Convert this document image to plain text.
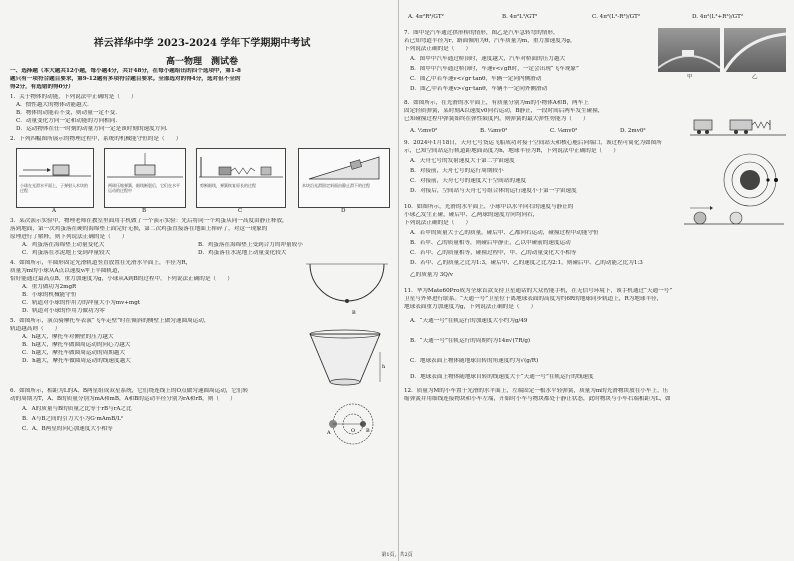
祥云祥华中学 2023-2024 学年下学期期中考试
高一物理　测试卷
一、选择题（本大题共12小题，每小题4分，共计48分，在每小题给出的四个选项中，第1-8
题只有一项符合题目要求，第9-12题有多项符合题目要求。全部选对的得4分，选对但不全的
得2分，有选错的得0分）
1．关于物体的动能，下列说法中正确的是（　　）
A．惯性越大的物体动能越大．
B．物体的动能若不变，则动量一定不变．
C．动量变化方向一定和动能的方向相同．
D．运动物体在任一时刻的动量方向一定是该时刻的速度方向．
2．下列四幅图所展示的物理过程中，系统的机械能守恒的是（　　）
小球在光滑水平面上，子弹射入木块的过程
两球压缩弹簧，细线断裂后，它们在水平运动的过程中
剪断细线，弹簧恢复原长的过程	木块沿光滑固定斜面由静止滑下的过程
A	B	C	D
3．某次演示实验中，物理老师在教室里面用手机做了一个演示实验：先后将同一个鸡蛋从同一高度由静止释放，
落到地面，第一次鸡蛋落在硬的海绵垫上面完好无损，第二次鸡蛋直接落在地面上摔碎了，对这一现象的
原理进行了解释，则下列说法正确的是（　　）
A．鸡蛋落在海绵垫上动量变化大	B．鸡蛋落在海绵垫上受到合力的冲量较小
C．鸡蛋落在水泥地上受到冲量较大	D．鸡蛋落在水泥地上动量变化较大
4．如图所示，半圆形固定光滑轨道竖直放置在光滑水平面上，半径为R，
质量为m的小球从A点以速度v冲上半圆轨道，
恰好能通过最高点B，重力加速度为g，小球从A到B的过程中，下列说法正确的是（　　）
A．重力做功为2mgR
B．小球的机械能守恒
C．轨道对小球的作用力的冲量大小为mv+mgt
D．轨道对小球的作用力做功为零	B
5．如图所示，演员骑摩托车表演“飞车走壁”时在倾斜的侧壁上做匀速圆周运动，
轨道越高则（　　）
A．h越大，摩托车对侧壁的压力越大
B．h越大，摩托车做圆周运动的向心力越大
C．h越大，摩托车做圆周运动的周期越大
D．h越大，摩托车做圆周运动的线速度越大
h
6．如图所示，相距为L的A、B两星组成双星系统，它们绕连线上的O点做匀速圆周运动，它们转
动的周期为T，A、B的质量分别为mA和mB，A和B的运动半径分别为rA和rB，则（　　）
A．A的质量与B的质量之比等于rB与rA之比
B．A与B之间的引力大小为G·mAmB/L²
C．A、B两星的向心加速度大小相等
A	O B
A. 4π²R³/GT²	B. 4π²L³/GT²	C. 4π²(L³-R³)/GT²	D. 4π²(L³+R³)/GT²
7．图甲是汽车通过拱形桥的情形，图乙是汽车急转弯的情形，
若已知弯道半径为r，路面倾角为θ，汽车质量为m，重力加速度为g，
下列说法正确的是（　　）
A．图甲中汽车通过桥顶时，速度越大，汽车对桥面的压力越大
B．图甲中汽车通过桥顶时，车速v<√gR时，一定会出现“飞车现象”
C．图乙中若车速v<√gr·tanθ，车辆一定向内侧滑动
D．图乙中若车速v>√gr·tanθ，车辆不一定向外侧滑动
甲	乙
8．如图所示，在光滑的水平面上，有质量分别为m的小物体A和B，两车上
固定轻质弹簧，某时刻A以速度v0向右运动，B静止，一段时间后两车发生碰撞，
已知碰撞过程中弹簧始终在弹性限度内，则弹簧的最大弹性势能为（　　）
A. ½mv0²	B. ¼mv0²	C. ⅛mv0²	D. 2mv0²
9．2024年1月18日，天舟七号货运飞船成功对接于空间站天和核心舱后向端口，该过程可简化为如图所
示，已知空间站运行轨道距地面高度为h，地球半径为R，下列说法中正确的是（　　）
A．天舟七号的发射速度大于第二宇宙速度
B．对接前，天舟七号的运行周期较小
C．对接前，天舟七号的速度大于空间站的速度
D．对接后，空间站与天舟七号组合体的运行速度小于第一宇宙速度
10．如图所示，光滑的水平面上，小球甲以水平向右的速度与静止的
小球乙发生正碰，碰后甲、乙两球的速度方向均向右，
下列说法正确的是（　　）
A．若甲的质量大于乙的质量，碰后甲、乙都向右运动，碰撞过程中动能守恒
B．若甲、乙的质量相等，则碰后甲静止，乙以甲碰前的速度运动
C．若甲、乙的质量相等，碰撞过程中，甲、乙的动量变化大小相等
D．若甲、乙的质量之比为1:3，碰后甲、乙的速度之比为2:1，则碰后甲、乙的动能之比为1:3
乙的质量为 3Q/v
11．华为Mate60Pro成为全球首款支持卫星通话的大众智能手机，在无信号环境下，该手机通过“天通一号”
卫星与外界进行联系。“天通一号”卫星位于离地球表面的高度为约6R的地球同步轨道上，R为地球半径，
地球表面重力加速度为g，下列说法正确的是（　　）
A．“天通一号”在轨运行的加速度大小约为g/49
B．“天通一号”在轨运行的周期约为14π√(7R/g)
C．地球表面上物体随地球自转的角速度约为√(g/R)
D．地球表面上物体随地球自转的线速度大于“天通一号”在轨运行的线速度
12．质量为M的小车置于光滑的水平面上，左端固定一根水平轻弹簧，质量为m的光滑物块放在小车上，压
缩弹簧并用细线连接物块和小车左端，开始时小车与物块都处于静止状态，此时物块与小车右端相距为L，如
第1页，共2页
